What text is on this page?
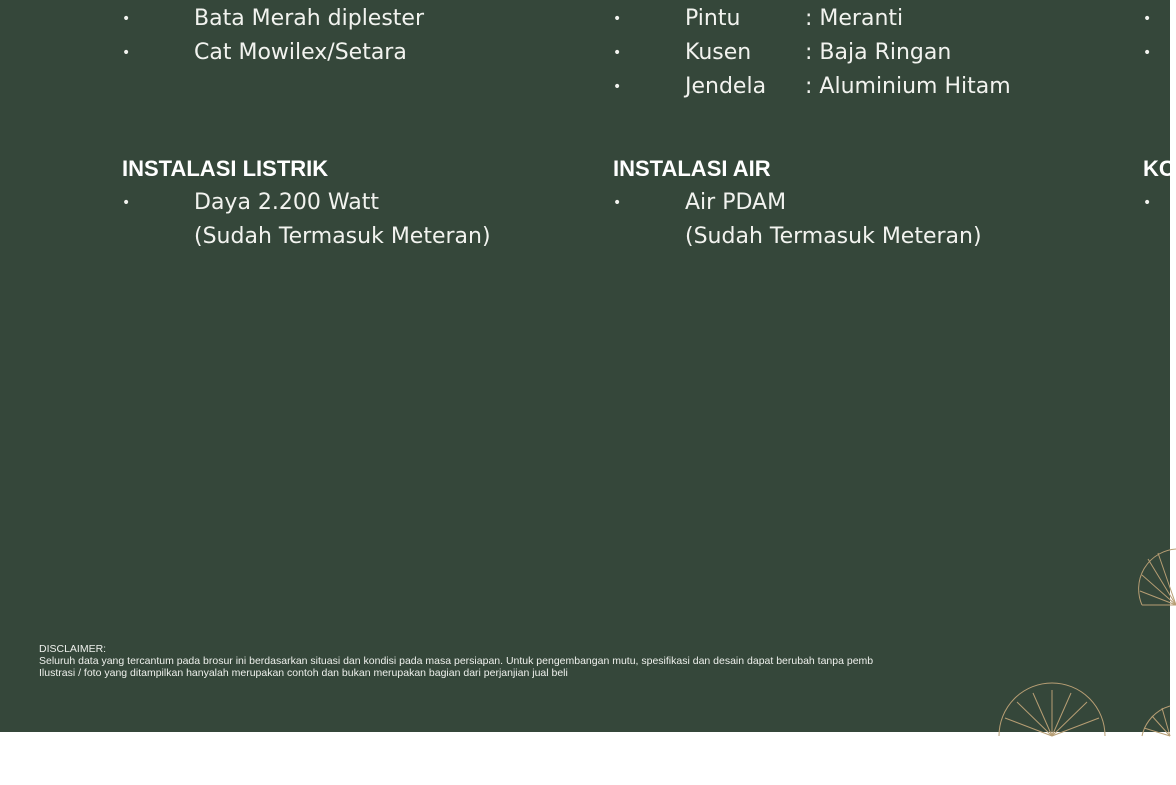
•	Bata Merah diplester
•	Cat Mowilex/Setara
INSTALASI LISTRIK
•	Daya 2.200 Watt
(Sudah Termasuk Meteran)
•	Pintu	: Meranti
•	Kusen : Baja Ringan
•	Jendela : Aluminium Hitam
INSTALASI AIR
•	Air PDAM
(Sudah Termasuk Meteran)
•
•
KC
•
DISCLAIMER:
Seluruh data yang tercantum pada brosur ini berdasarkan situasi dan kondisi pada masa persiapan. Untuk pengembangan mutu, spesifikasi dan desain dapat berubah tanpa pemb
Ilustrasi / foto yang ditampilkan hanyalah merupakan contoh dan bukan merupakan bagian dari perjanjian jual beli
